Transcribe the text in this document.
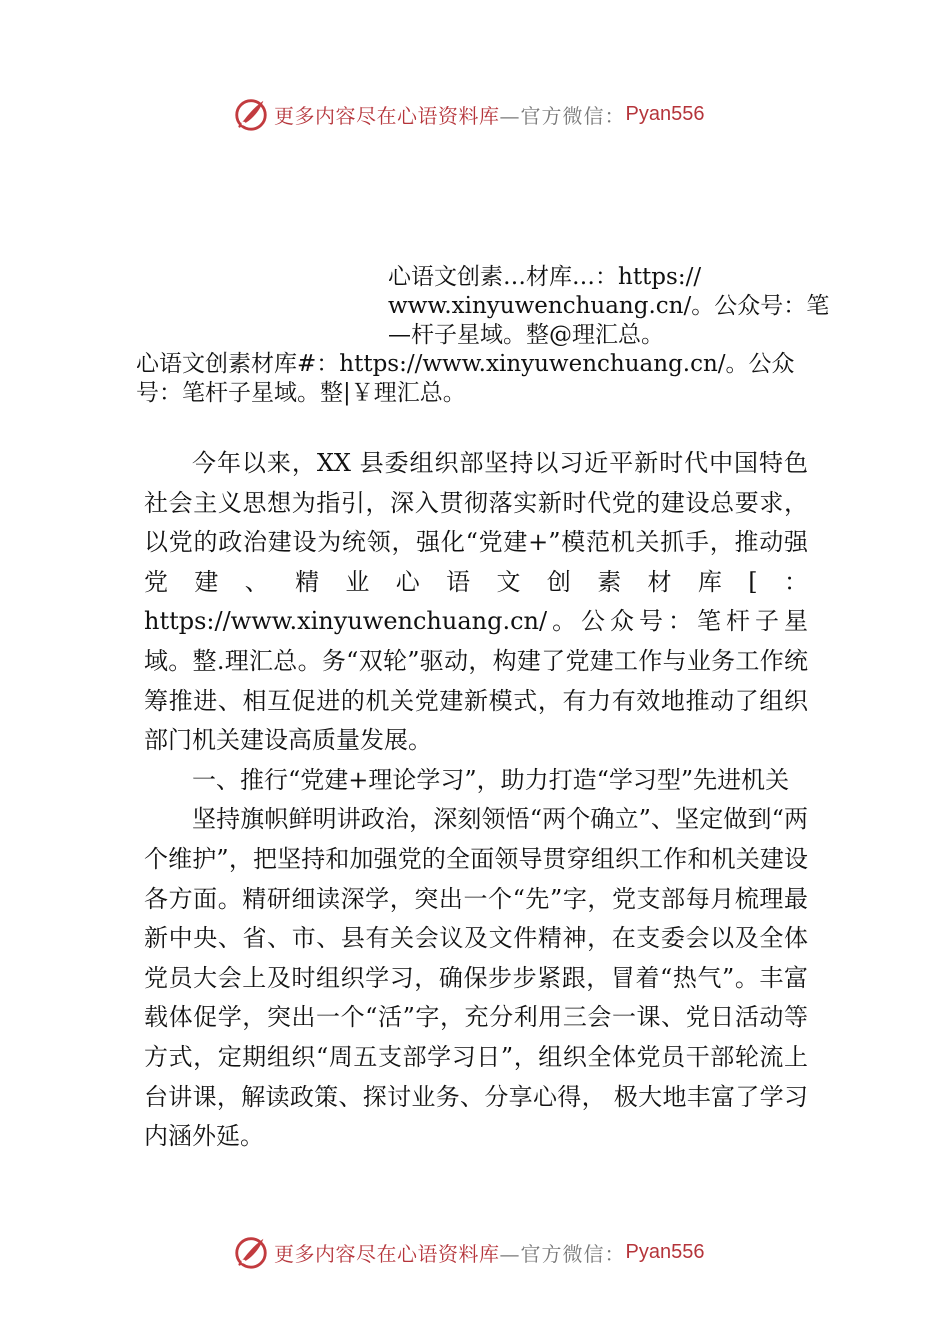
更多内容尽在心语资料库 —官方微信： Pyan556
心语文创素…材库…：https://
www.xinyuwenchuang.cn/。公众号：笔
—杆子星域。整@理汇总。
心语文创素材库#：https://www.xinyuwenchuang.cn/。公众
号：笔杆子星域。整|￥理汇总。

今年以来，XX 县委组织部坚持以习近平新时代中国特色社会主义思想为指引，深入贯彻落实新时代党的建设总要求，以党的政治建设为统领，强化“党建+”模范机关抓手，推动强党建、精业心语文创素材库[：https://www.xinyuwenchuang.cn/。公众号：笔杆子星域。整.理汇总。务“双轮”驱动，构建了党建工作与业务工作统筹推进、相互促进的机关党建新模式，有力有效地推动了组织部门机关建设高质量发展。

一、推行“党建+理论学习”，助力打造“学习型”先进机关

坚持旗帜鲜明讲政治，深刻领悟“两个确立”、坚定做到“两个维护”，把坚持和加强党的全面领导贯穿组织工作和机关建设各方面。精研细读深学，突出一个“先”字，党支部每月梳理最新中央、省、市、县有关会议及文件精神，在支委会以及全体党员大会上及时组织学习，确保步步紧跟，冒着“热气”。丰富载体促学，突出一个“活”字，充分利用三会一课、党日活动等方式，定期组织“周五支部学习日”，组织全体党员干部轮流上台讲课，解读政策、探讨业务、分享心得， 极大地丰富了学习内涵外延。

更多内容尽在心语资料库 —官方微信： Pyan556
